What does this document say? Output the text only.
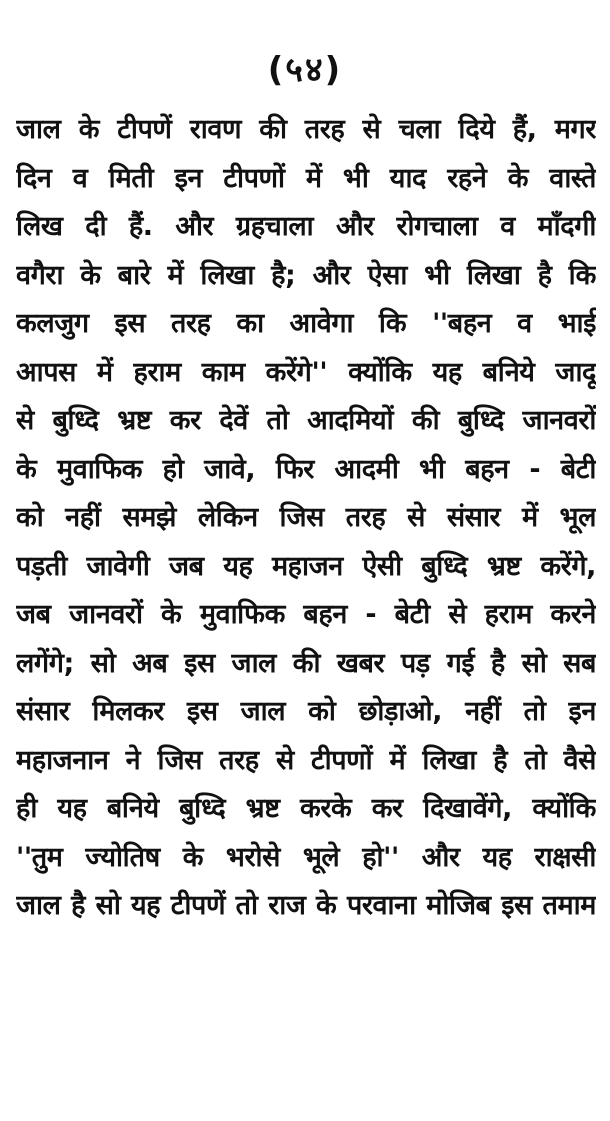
(५४)
जाल के टीपणें रावण की तरह से चला दिये हैं, मगर
दिन व मिती इन टीपणों में भी याद रहने के वास्ते
लिख दी हैं. और ग्रहचाला और रोगचाला व माँदगी
वगैरा के बारे में लिखा है; और ऐसा भी लिखा है कि
कलजुग इस तरह का आवेगा कि ''बहन व भाई
आपस में हराम काम करेंगे'' क्योंकि यह बनिये जादू
से बुध्दि भ्रष्ट कर देवें तो आदमियों की बुध्दि जानवरों
के मुवाफिक हो जावे, फिर आदमी भी बहन - बेटी
को नहीं समझे लेकिन जिस तरह से संसार में भूल
पड़ती जावेगी जब यह महाजन ऐसी बुध्दि भ्रष्ट करेंगे,
जब जानवरों के मुवाफिक बहन - बेटी से हराम करने
लगेंगे; सो अब इस जाल की खबर पड़ गई है सो सब
संसार मिलकर इस जाल को छोड़ाओ, नहीं तो इन
महाजनान ने जिस तरह से टीपणों में लिखा है तो वैसे
ही यह बनिये बुध्दि भ्रष्ट करके कर दिखावेंगे, क्योंकि
''तुम ज्योतिष के भरोसे भूले हो'' और यह राक्षसी
जाल है सो यह टीपणें तो राज के परवाना मोजिब इस तमाम
